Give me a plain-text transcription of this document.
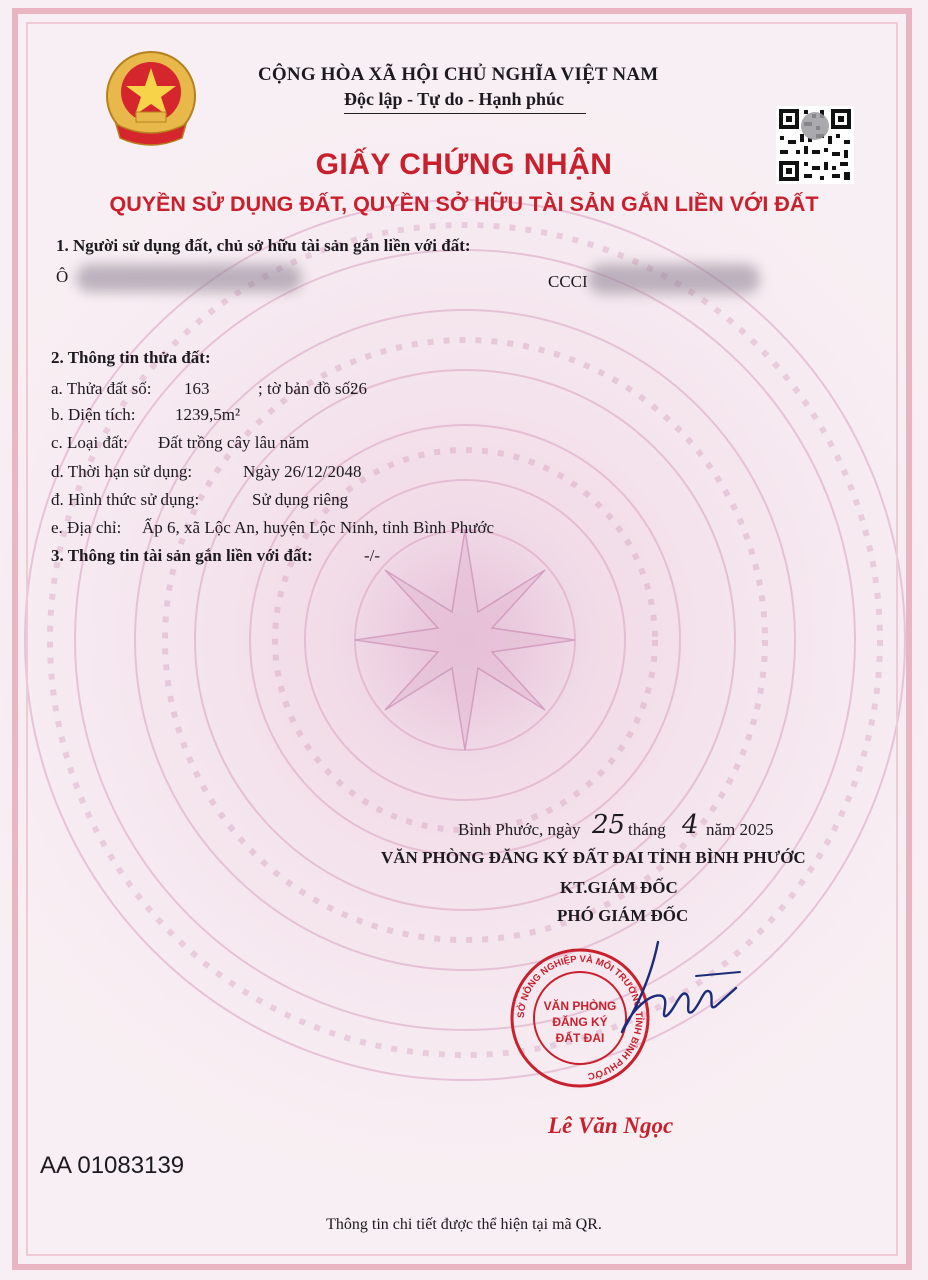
CỘNG HÒA XÃ HỘI CHỦ NGHĨA VIỆT NAM
Độc lập - Tự do - Hạnh phúc
GIẤY CHỨNG NHẬN
QUYỀN SỬ DỤNG ĐẤT, QUYỀN SỞ HỮU TÀI SẢN GẮN LIỀN VỚI ĐẤT
1. Người sử dụng đất, chủ sở hữu tài sản gắn liền với đất:
Ô	CCCI
2. Thông tin thửa đất:
a. Thửa đất số: 163	; tờ bản đồ số:
26
b. Diện tích: 1239,5m²
c. Loại đất: Đất trồng cây lâu năm
d. Thời hạn sử dụng:	Ngày 26/12/2048
đ. Hình thức sử dụng:	Sử dụng riêng
e. Địa chỉ: Ấp 6, xã Lộc An, huyện Lộc Ninh, tỉnh Bình Phước
3. Thông tin tài sản gắn liền với đất:	-/-
Bình Phước, ngày 25 tháng 4 năm 2025
VĂN PHÒNG ĐĂNG KÝ ĐẤT ĐAI TỈNH BÌNH PHƯỚC
KT.GIÁM ĐỐC
PHÓ GIÁM ĐỐC
SỞ NÔNG NGHIỆP VÀ MÔI TRƯỜNG TỈNH BÌNH PHƯỚC
VĂN PHÒNG
ĐĂNG KÝ
ĐẤT ĐAI
Lê Văn Ngọc
AA 01083139
Thông tin chi tiết được thể hiện tại mã QR.
